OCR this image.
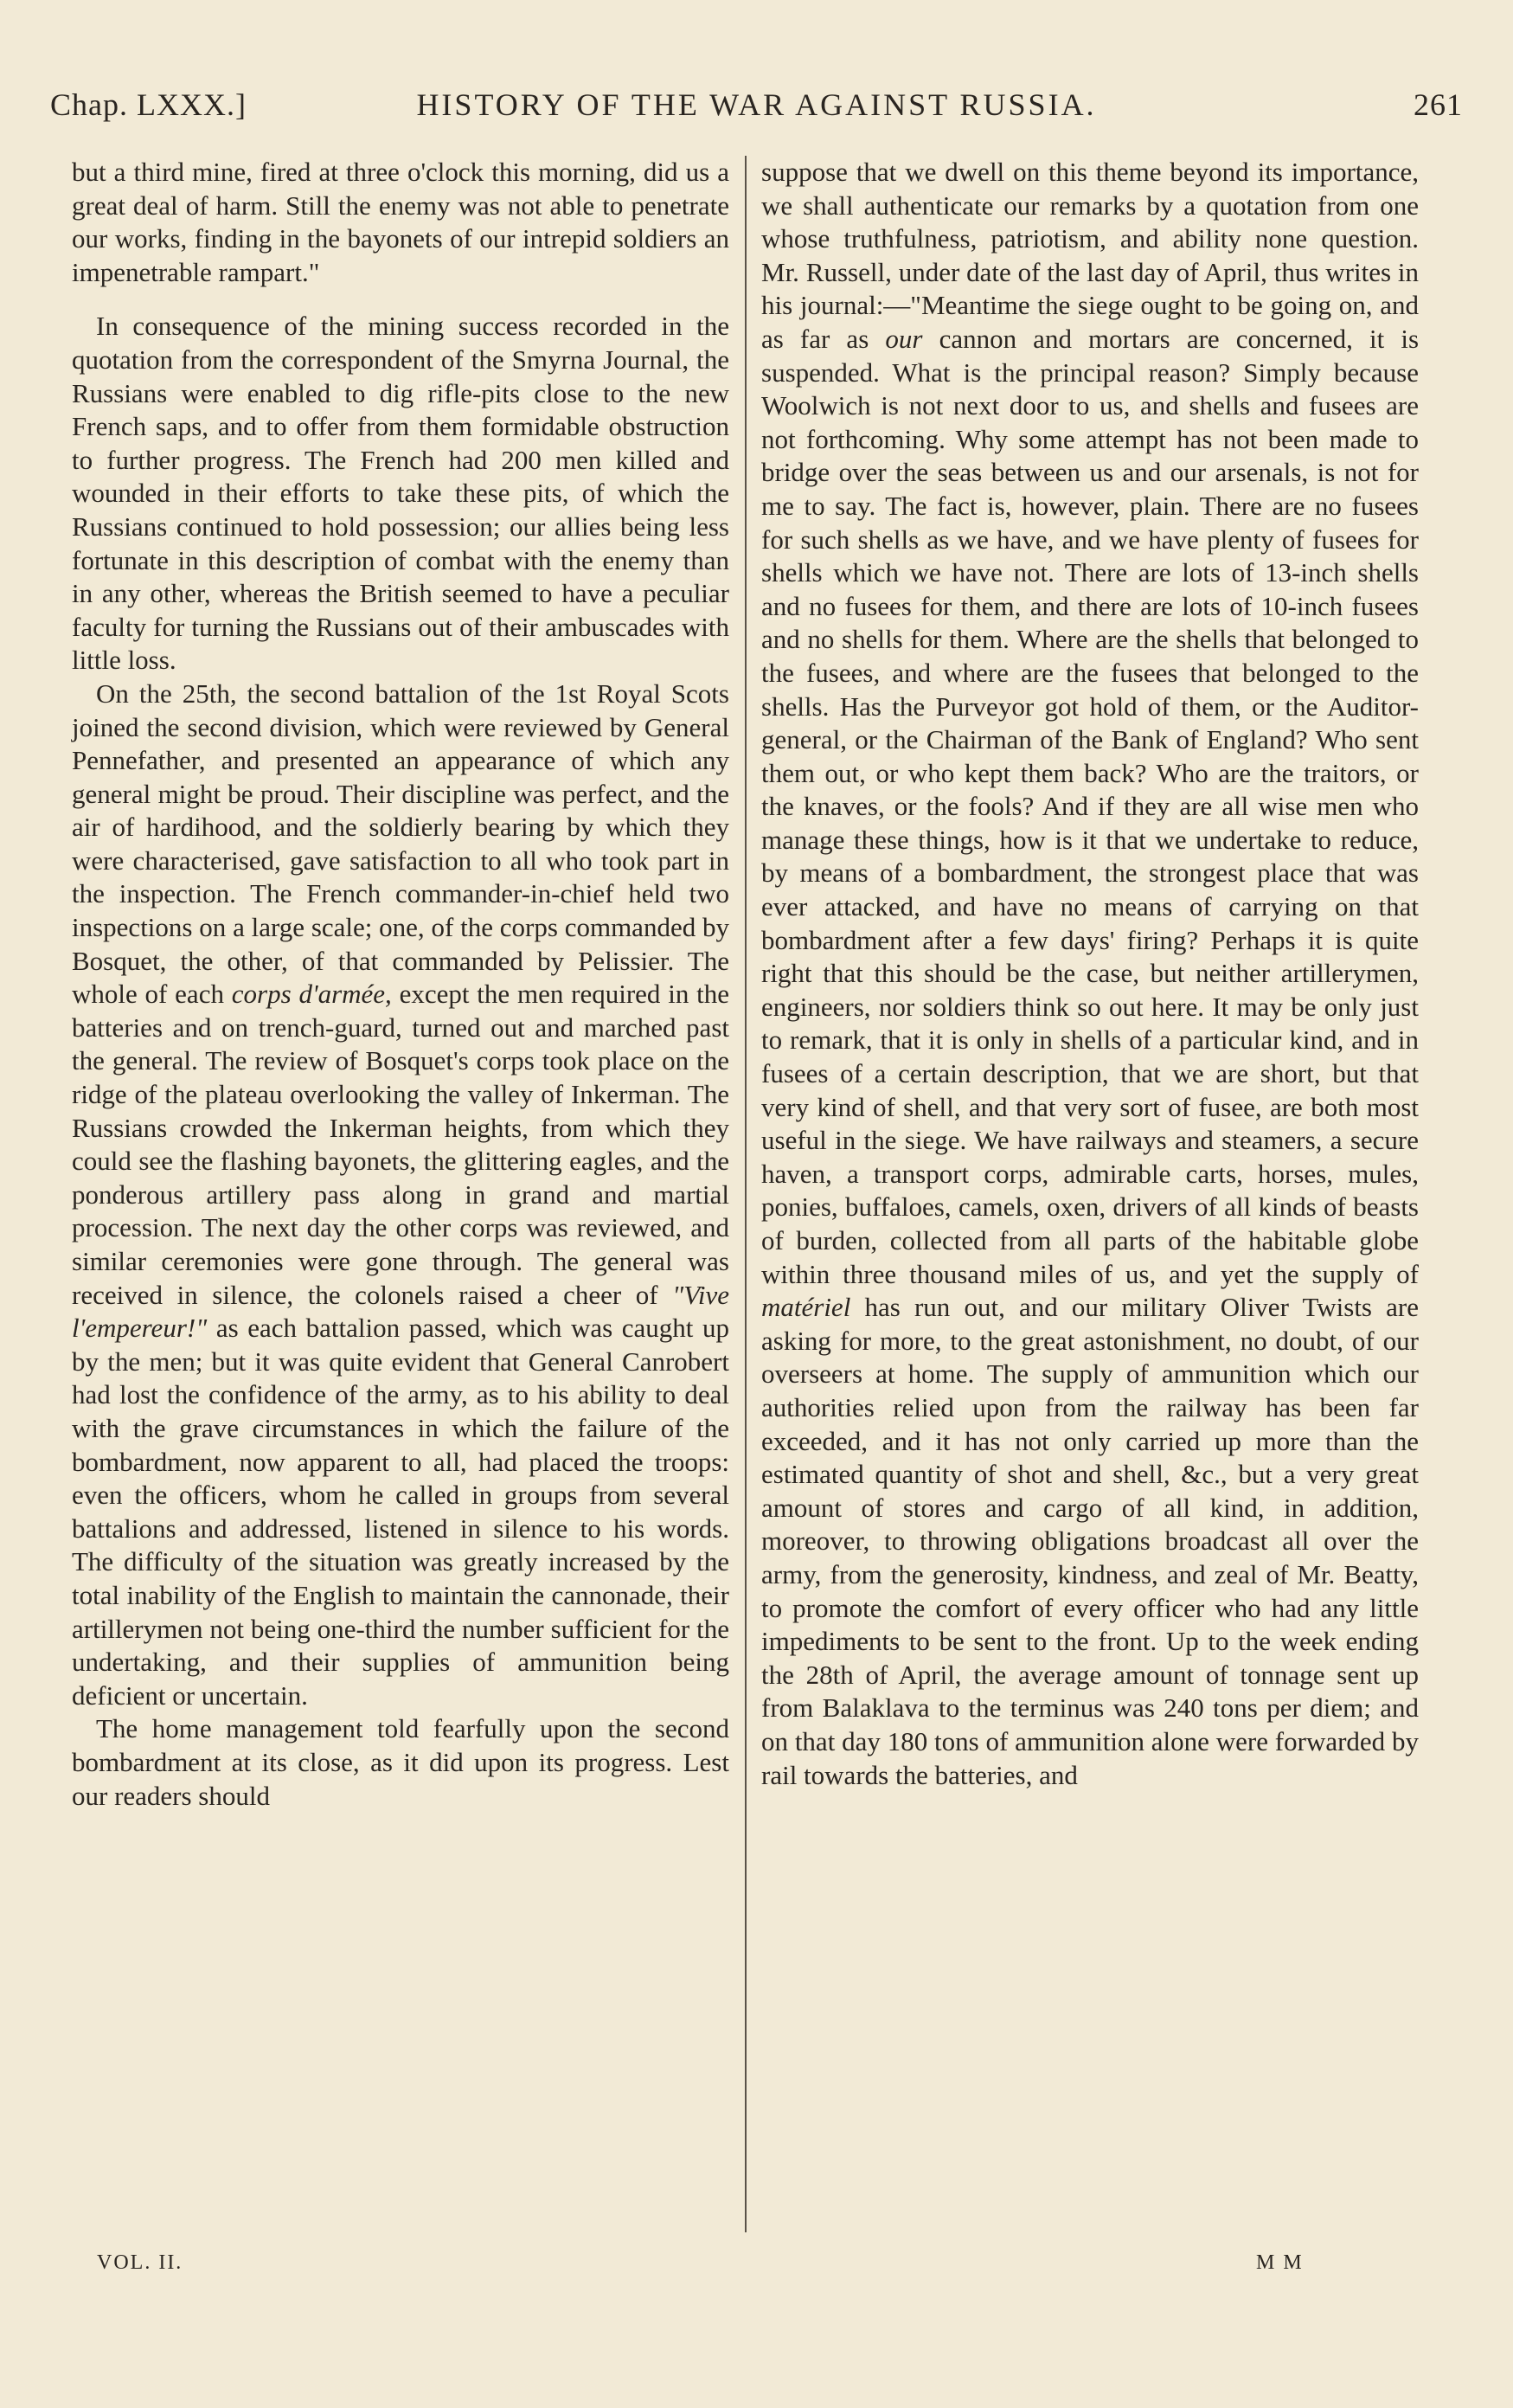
Chap. LXXX.]	HISTORY OF THE WAR AGAINST RUSSIA.	261

but a third mine, fired at three o'clock this morning, did us a great deal of harm. Still the enemy was not able to penetrate our works, finding in the bayonets of our intrepid soldiers an impenetrable rampart."

In consequence of the mining success recorded in the quotation from the correspondent of the Smyrna Journal, the Russians were enabled to dig rifle-pits close to the new French saps, and to offer from them formidable obstruction to further progress. The French had 200 men killed and wounded in their efforts to take these pits, of which the Russians continued to hold possession; our allies being less fortunate in this description of combat with the enemy than in any other, whereas the British seemed to have a peculiar faculty for turning the Russians out of their ambuscades with little loss.

On the 25th, the second battalion of the 1st Royal Scots joined the second division, which were reviewed by General Pennefather, and presented an appearance of which any general might be proud. Their discipline was perfect, and the air of hardihood, and the soldierly bearing by which they were characterised, gave satisfaction to all who took part in the inspection. The French commander-in-chief held two inspections on a large scale; one, of the corps commanded by Bosquet, the other, of that commanded by Pelissier. The whole of each corps d'armée, except the men required in the batteries and on trench-guard, turned out and marched past the general. The review of Bosquet's corps took place on the ridge of the plateau overlooking the valley of Inkerman. The Russians crowded the Inkerman heights, from which they could see the flashing bayonets, the glittering eagles, and the ponderous artillery pass along in grand and martial procession. The next day the other corps was reviewed, and similar ceremonies were gone through. The general was received in silence, the colonels raised a cheer of "Vive l'empereur!" as each battalion passed, which was caught up by the men; but it was quite evident that General Canrobert had lost the confidence of the army, as to his ability to deal with the grave circumstances in which the failure of the bombardment, now apparent to all, had placed the troops: even the officers, whom he called in groups from several battalions and addressed, listened in silence to his words. The difficulty of the situation was greatly increased by the total inability of the English to maintain the cannonade, their artillerymen not being one-third the number sufficient for the undertaking, and their supplies of ammunition being deficient or uncertain.

The home management told fearfully upon the second bombardment at its close, as it did upon its progress. Lest our readers should

suppose that we dwell on this theme beyond its importance, we shall authenticate our remarks by a quotation from one whose truthfulness, patriotism, and ability none question. Mr. Russell, under date of the last day of April, thus writes in his journal:—"Meantime the siege ought to be going on, and as far as our cannon and mortars are concerned, it is suspended. What is the principal reason? Simply because Woolwich is not next door to us, and shells and fusees are not forthcoming. Why some attempt has not been made to bridge over the seas between us and our arsenals, is not for me to say. The fact is, however, plain. There are no fusees for such shells as we have, and we have plenty of fusees for shells which we have not. There are lots of 13-inch shells and no fusees for them, and there are lots of 10-inch fusees and no shells for them. Where are the shells that belonged to the fusees, and where are the fusees that belonged to the shells. Has the Purveyor got hold of them, or the Auditor-general, or the Chairman of the Bank of England? Who sent them out, or who kept them back? Who are the traitors, or the knaves, or the fools? And if they are all wise men who manage these things, how is it that we undertake to reduce, by means of a bombardment, the strongest place that was ever attacked, and have no means of carrying on that bombardment after a few days' firing? Perhaps it is quite right that this should be the case, but neither artillerymen, engineers, nor soldiers think so out here. It may be only just to remark, that it is only in shells of a particular kind, and in fusees of a certain description, that we are short, but that very kind of shell, and that very sort of fusee, are both most useful in the siege. We have railways and steamers, a secure haven, a transport corps, admirable carts, horses, mules, ponies, buffaloes, camels, oxen, drivers of all kinds of beasts of burden, collected from all parts of the habitable globe within three thousand miles of us, and yet the supply of matériel has run out, and our military Oliver Twists are asking for more, to the great astonishment, no doubt, of our overseers at home. The supply of ammunition which our authorities relied upon from the railway has been far exceeded, and it has not only carried up more than the estimated quantity of shot and shell, &c., but a very great amount of stores and cargo of all kind, in addition, moreover, to throwing obligations broadcast all over the army, from the generosity, kindness, and zeal of Mr. Beatty, to promote the comfort of every officer who had any little impediments to be sent to the front. Up to the week ending the 28th of April, the average amount of tonnage sent up from Balaklava to the terminus was 240 tons per diem; and on that day 180 tons of ammunition alone were forwarded by rail towards the batteries, and

VOL. II.	M M
